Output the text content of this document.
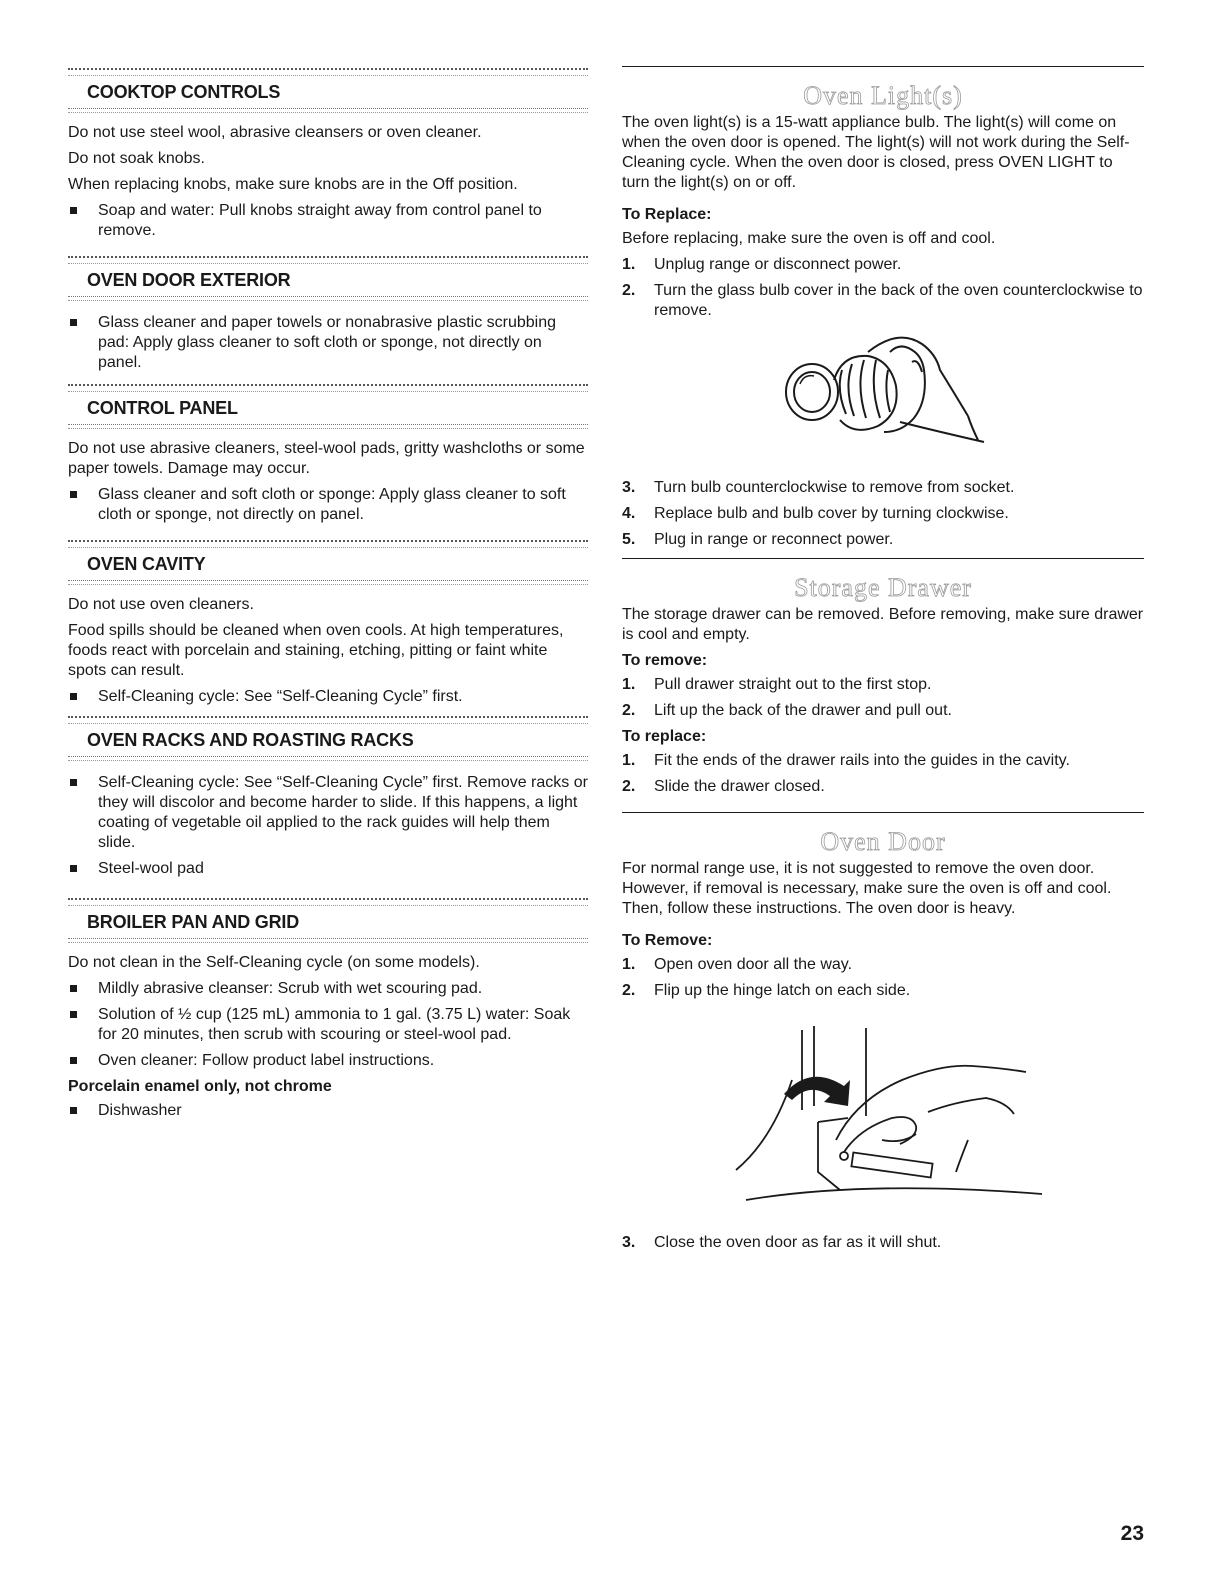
COOKTOP CONTROLS

Do not use steel wool, abrasive cleansers or oven cleaner.

Do not soak knobs.

When replacing knobs, make sure knobs are in the Off position.

Soap and water: Pull knobs straight away from control panel to remove.
OVEN DOOR EXTERIOR
Glass cleaner and paper towels or nonabrasive plastic scrubbing pad: Apply glass cleaner to soft cloth or sponge, not directly on panel.
CONTROL PANEL

Do not use abrasive cleaners, steel-wool pads, gritty washcloths or some paper towels. Damage may occur.

Glass cleaner and soft cloth or sponge: Apply glass cleaner to soft cloth or sponge, not directly on panel.
OVEN CAVITY

Do not use oven cleaners.

Food spills should be cleaned when oven cools. At high temperatures, foods react with porcelain and staining, etching, pitting or faint white spots can result.

Self-Cleaning cycle: See “Self-Cleaning Cycle” first.
OVEN RACKS AND ROASTING RACKS
Self-Cleaning cycle: See “Self-Cleaning Cycle” first. Remove racks or they will discolor and become harder to slide. If this happens, a light coating of vegetable oil applied to the rack guides will help them slide.
Steel-wool pad
BROILER PAN AND GRID

Do not clean in the Self-Cleaning cycle (on some models).

Mildly abrasive cleanser: Scrub with wet scouring pad.
Solution of ½ cup (125 mL) ammonia to 1 gal. (3.75 L) water: Soak for 20 minutes, then scrub with scouring or steel-wool pad.
Oven cleaner: Follow product label instructions.
Porcelain enamel only, not chrome
Dishwasher
Oven Light(s)

The oven light(s) is a 15-watt appliance bulb. The light(s) will come on when the oven door is opened. The light(s) will not work during the Self-Cleaning cycle. When the oven door is closed, press OVEN LIGHT to turn the light(s) on or off.

To Replace:

Before replacing, make sure the oven is off and cool.

1. Unplug range or disconnect power.
2. Turn the glass bulb cover in the back of the oven counterclockwise to remove.
3. Turn bulb counterclockwise to remove from socket.
4. Replace bulb and bulb cover by turning clockwise.
5. Plug in range or reconnect power.
Storage Drawer

The storage drawer can be removed. Before removing, make sure drawer is cool and empty.

To remove:
1. Pull drawer straight out to the first stop.
2. Lift up the back of the drawer and pull out.
To replace:
1. Fit the ends of the drawer rails into the guides in the cavity.
2. Slide the drawer closed.
Oven Door

For normal range use, it is not suggested to remove the oven door. However, if removal is necessary, make sure the oven is off and cool. Then, follow these instructions. The oven door is heavy.

To Remove:
1. Open oven door all the way.
2. Flip up the hinge latch on each side.
3. Close the oven door as far as it will shut.
23
